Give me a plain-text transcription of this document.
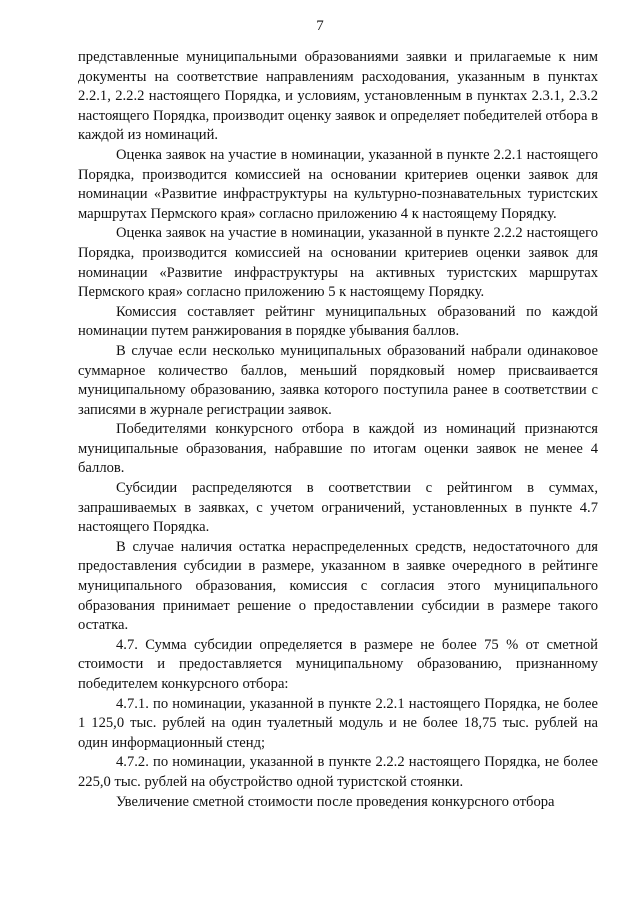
7

представленные муниципальными образованиями заявки и прилагаемые к ним документы на соответствие направлениям расходования, указанным в пунктах 2.2.1, 2.2.2 настоящего Порядка, и условиям, установленным в пунктах 2.3.1, 2.3.2 настоящего Порядка, производит оценку заявок и определяет победителей отбора в каждой из номинаций.

Оценка заявок на участие в номинации, указанной в пункте 2.2.1 настоящего Порядка, производится комиссией на основании критериев оценки заявок для номинации «Развитие инфраструктуры на культурно-познавательных туристских маршрутах Пермского края» согласно приложению 4 к настоящему Порядку.

Оценка заявок на участие в номинации, указанной в пункте 2.2.2 настоящего Порядка, производится комиссией на основании критериев оценки заявок для номинации «Развитие инфраструктуры на активных туристских маршрутах Пермского края» согласно приложению 5 к настоящему Порядку.

Комиссия составляет рейтинг муниципальных образований по каждой номинации путем ранжирования в порядке убывания баллов.

В случае если несколько муниципальных образований набрали одинаковое суммарное количество баллов, меньший порядковый номер присваивается муниципальному образованию, заявка которого поступила ранее в соответствии с записями в журнале регистрации заявок.

Победителями конкурсного отбора в каждой из номинаций признаются муниципальные образования, набравшие по итогам оценки заявок не менее 4 баллов.

Субсидии распределяются в соответствии с рейтингом в суммах, запрашиваемых в заявках, с учетом ограничений, установленных в пункте 4.7 настоящего Порядка.

В случае наличия остатка нераспределенных средств, недостаточного для предоставления субсидии в размере, указанном в заявке очередного в рейтинге муниципального образования, комиссия с согласия этого муниципального образования принимает решение о предоставлении субсидии в размере такого остатка.

4.7. Сумма субсидии определяется в размере не более 75 % от сметной стоимости и предоставляется муниципальному образованию, признанному победителем конкурсного отбора:

4.7.1. по номинации, указанной в пункте 2.2.1 настоящего Порядка, не более 1 125,0 тыс. рублей на один туалетный модуль и не более 18,75 тыс. рублей на один информационный стенд;

4.7.2. по номинации, указанной в пункте 2.2.2 настоящего Порядка, не более 225,0 тыс. рублей на обустройство одной туристской стоянки.

Увеличение сметной стоимости после проведения конкурсного отбора
